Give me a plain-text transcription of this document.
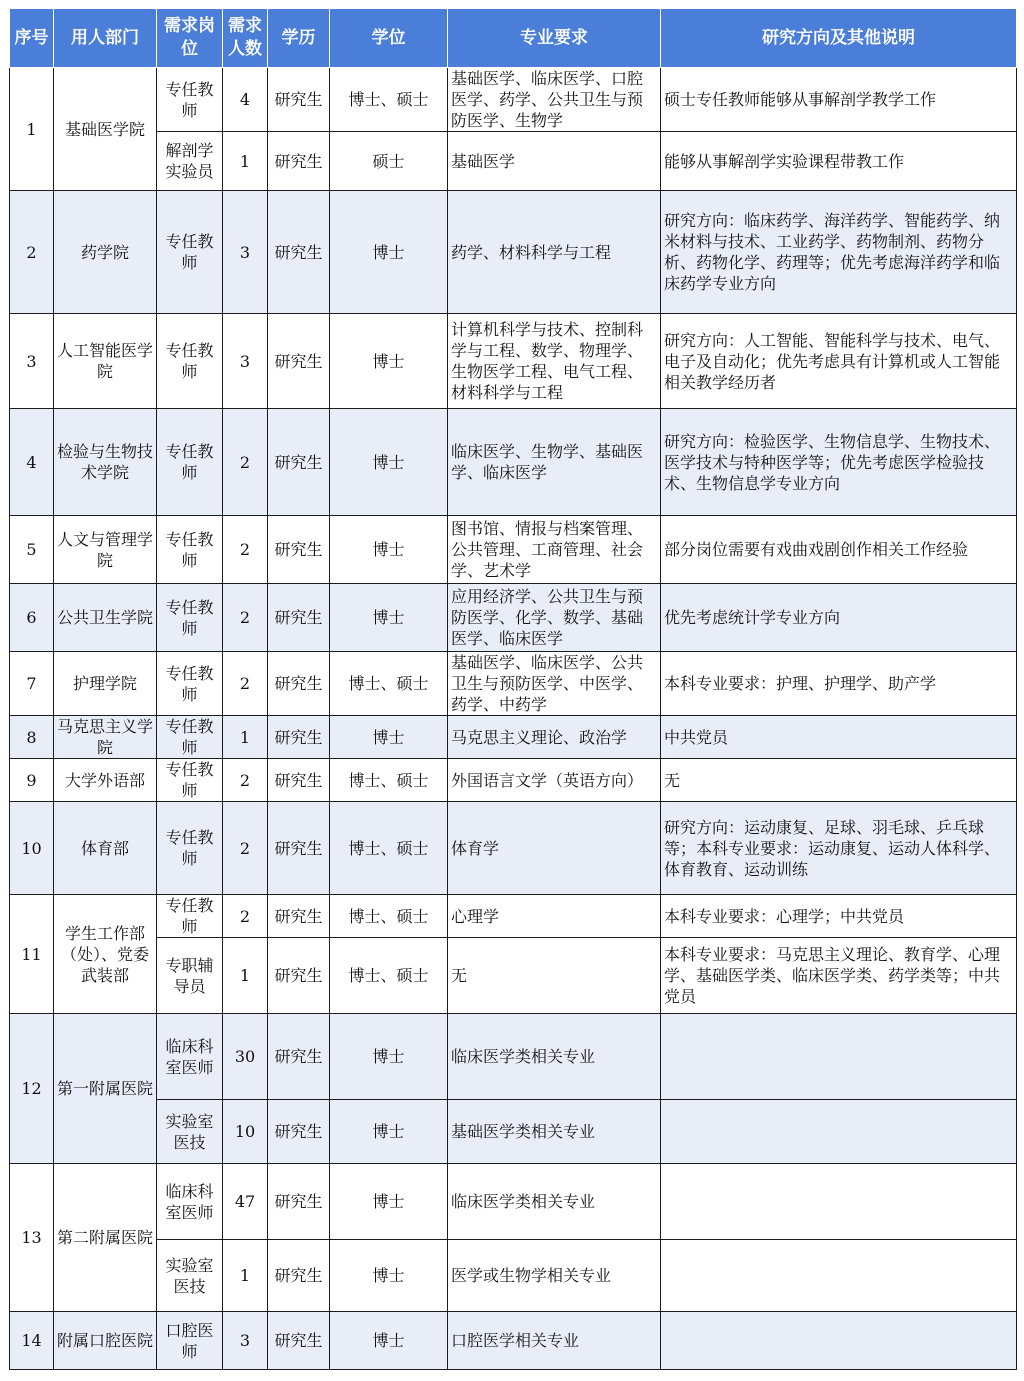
序号	用人部门	需求岗位	需求人数	学历	学位	专业要求	研究方向及其他说明
1	基础医学院	专任教师	4	研究生	博士、硕士	基础医学、临床医学、口腔医学、药学、公共卫生与预防医学、生物学	硕士专任教师能够从事解剖学教学工作
		解剖学实验员	1	研究生	硕士	基础医学	能够从事解剖学实验课程带教工作
2	药学院	专任教师	3	研究生	博士	药学、材料科学与工程	研究方向：临床药学、海洋药学、智能药学、纳米材料与技术、工业药学、药物制剂、药物分析、药物化学、药理等；优先考虑海洋药学和临床药学专业方向
3	人工智能医学院	专任教师	3	研究生	博士	计算机科学与技术、控制科学与工程、数学、物理学、生物医学工程、电气工程、材料科学与工程	研究方向：人工智能、智能科学与技术、电气、电子及自动化；优先考虑具有计算机或人工智能相关教学经历者
4	检验与生物技术学院	专任教师	2	研究生	博士	临床医学、生物学、基础医学、临床医学	研究方向：检验医学、生物信息学、生物技术、医学技术与特种医学等；优先考虑医学检验技术、生物信息学专业方向
5	人文与管理学院	专任教师	2	研究生	博士	图书馆、情报与档案管理、公共管理、工商管理、社会学、艺术学	部分岗位需要有戏曲戏剧创作相关工作经验
6	公共卫生学院	专任教师	2	研究生	博士	应用经济学、公共卫生与预防医学、化学、数学、基础医学、临床医学	优先考虑统计学专业方向
7	护理学院	专任教师	2	研究生	博士、硕士	基础医学、临床医学、公共卫生与预防医学、中医学、药学、中药学	本科专业要求：护理、护理学、助产学
8	马克思主义学院	专任教师	1	研究生	博士	马克思主义理论、政治学	中共党员
9	大学外语部	专任教师	2	研究生	博士、硕士	外国语言文学（英语方向）	无
10	体育部	专任教师	2	研究生	博士、硕士	体育学	研究方向：运动康复、足球、羽毛球、乒乓球等；本科专业要求：运动康复、运动人体科学、体育教育、运动训练
11	学生工作部（处）、党委武装部	专任教师	2	研究生	博士、硕士	心理学	本科专业要求：心理学；中共党员
		专职辅导员	1	研究生	博士、硕士	无	本科专业要求：马克思主义理论、教育学、心理学、基础医学类、临床医学类、药学类等；中共党员
12	第一附属医院	临床科室医师	30	研究生	博士	临床医学类相关专业	
		实验室医技	10	研究生	博士	基础医学类相关专业	
13	第二附属医院	临床科室医师	47	研究生	博士	临床医学类相关专业	
		实验室医技	1	研究生	博士	医学或生物学相关专业	
14	附属口腔医院	口腔医师	3	研究生	博士	口腔医学相关专业	
